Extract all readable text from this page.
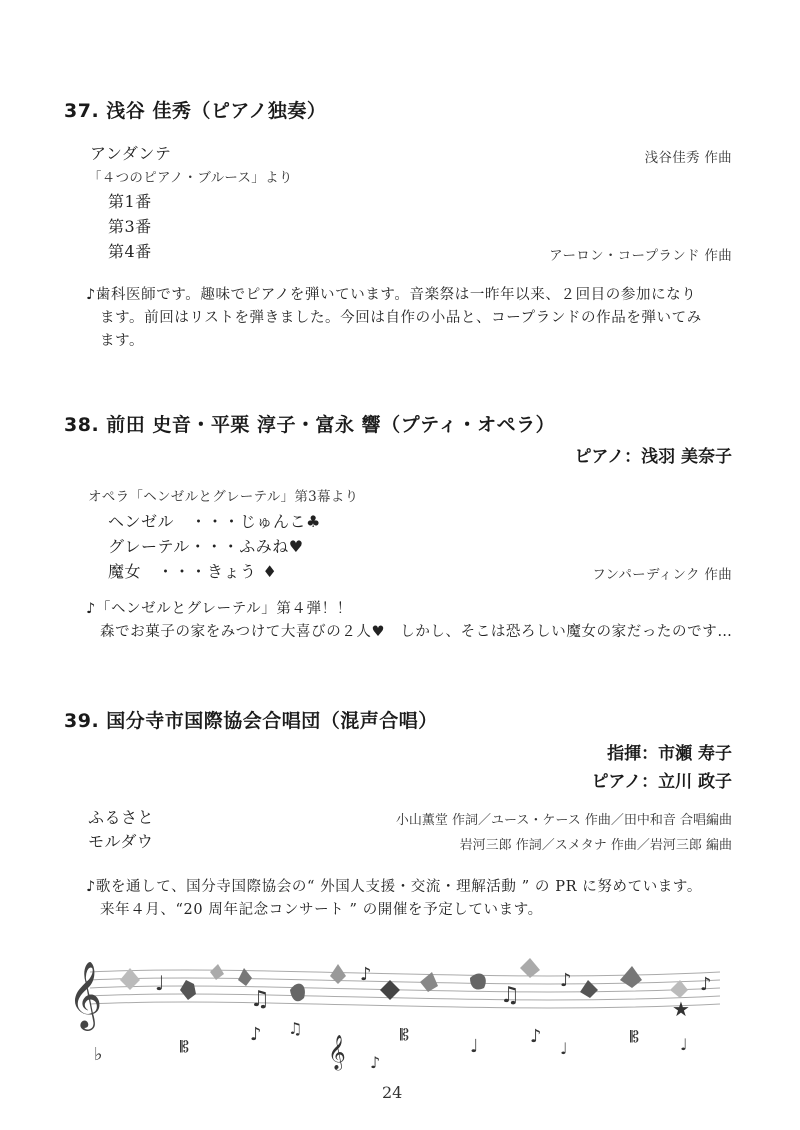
37. 浅谷 佳秀（ピアノ独奏）
アンダンテ	浅谷佳秀 作曲
「４つのピアノ・ブルース」より
第1番
第3番
第4番	アーロン・コープランド 作曲
♪歯科医師です。趣味でピアノを弾いています。音楽祭は一昨年以来、２回目の参加になり
ます。前回はリストを弾きました。今回は自作の小品と、コープランドの作品を弾いてみ
ます。
38. 前田 史音・平栗 淳子・富永 響（プティ・オペラ）
ピアノ：浅羽 美奈子
オペラ「ヘンゼルとグレーテル」第3幕より
ヘンゼル　・・・じゅんこ♣
グレーテル・・・ふみね♥
魔女　・・・きょう ♦	フンパーディンク 作曲
♪「ヘンゼルとグレーテル」第４弾！！
森でお菓子の家をみつけて大喜びの２人♥　 しかし、そこは恐ろしい魔女の家だったのです…
39. 国分寺市国際協会合唱団（混声合唱）
指揮：市瀬 寿子
ピアノ：立川 政子
ふるさと	小山薫堂 作詞／ユース・ケース 作曲／田中和音 合唱編曲
モルダウ	岩河三郎 作詞／スメタナ 作曲／岩河三郎 編曲
♪歌を通して、国分寺国際協会の“ 外国人支援・交流・理解活動 ” の PR に努めています。
来年４月、“20 周年記念コンサート ” の開催を予定しています。
𝄞	♩
♫
♪
♫
♪	♪
♭	𝄡
♪ ♫
𝄞 ♪
𝄡
♩	♪
♩
𝄡	♩
★
24
